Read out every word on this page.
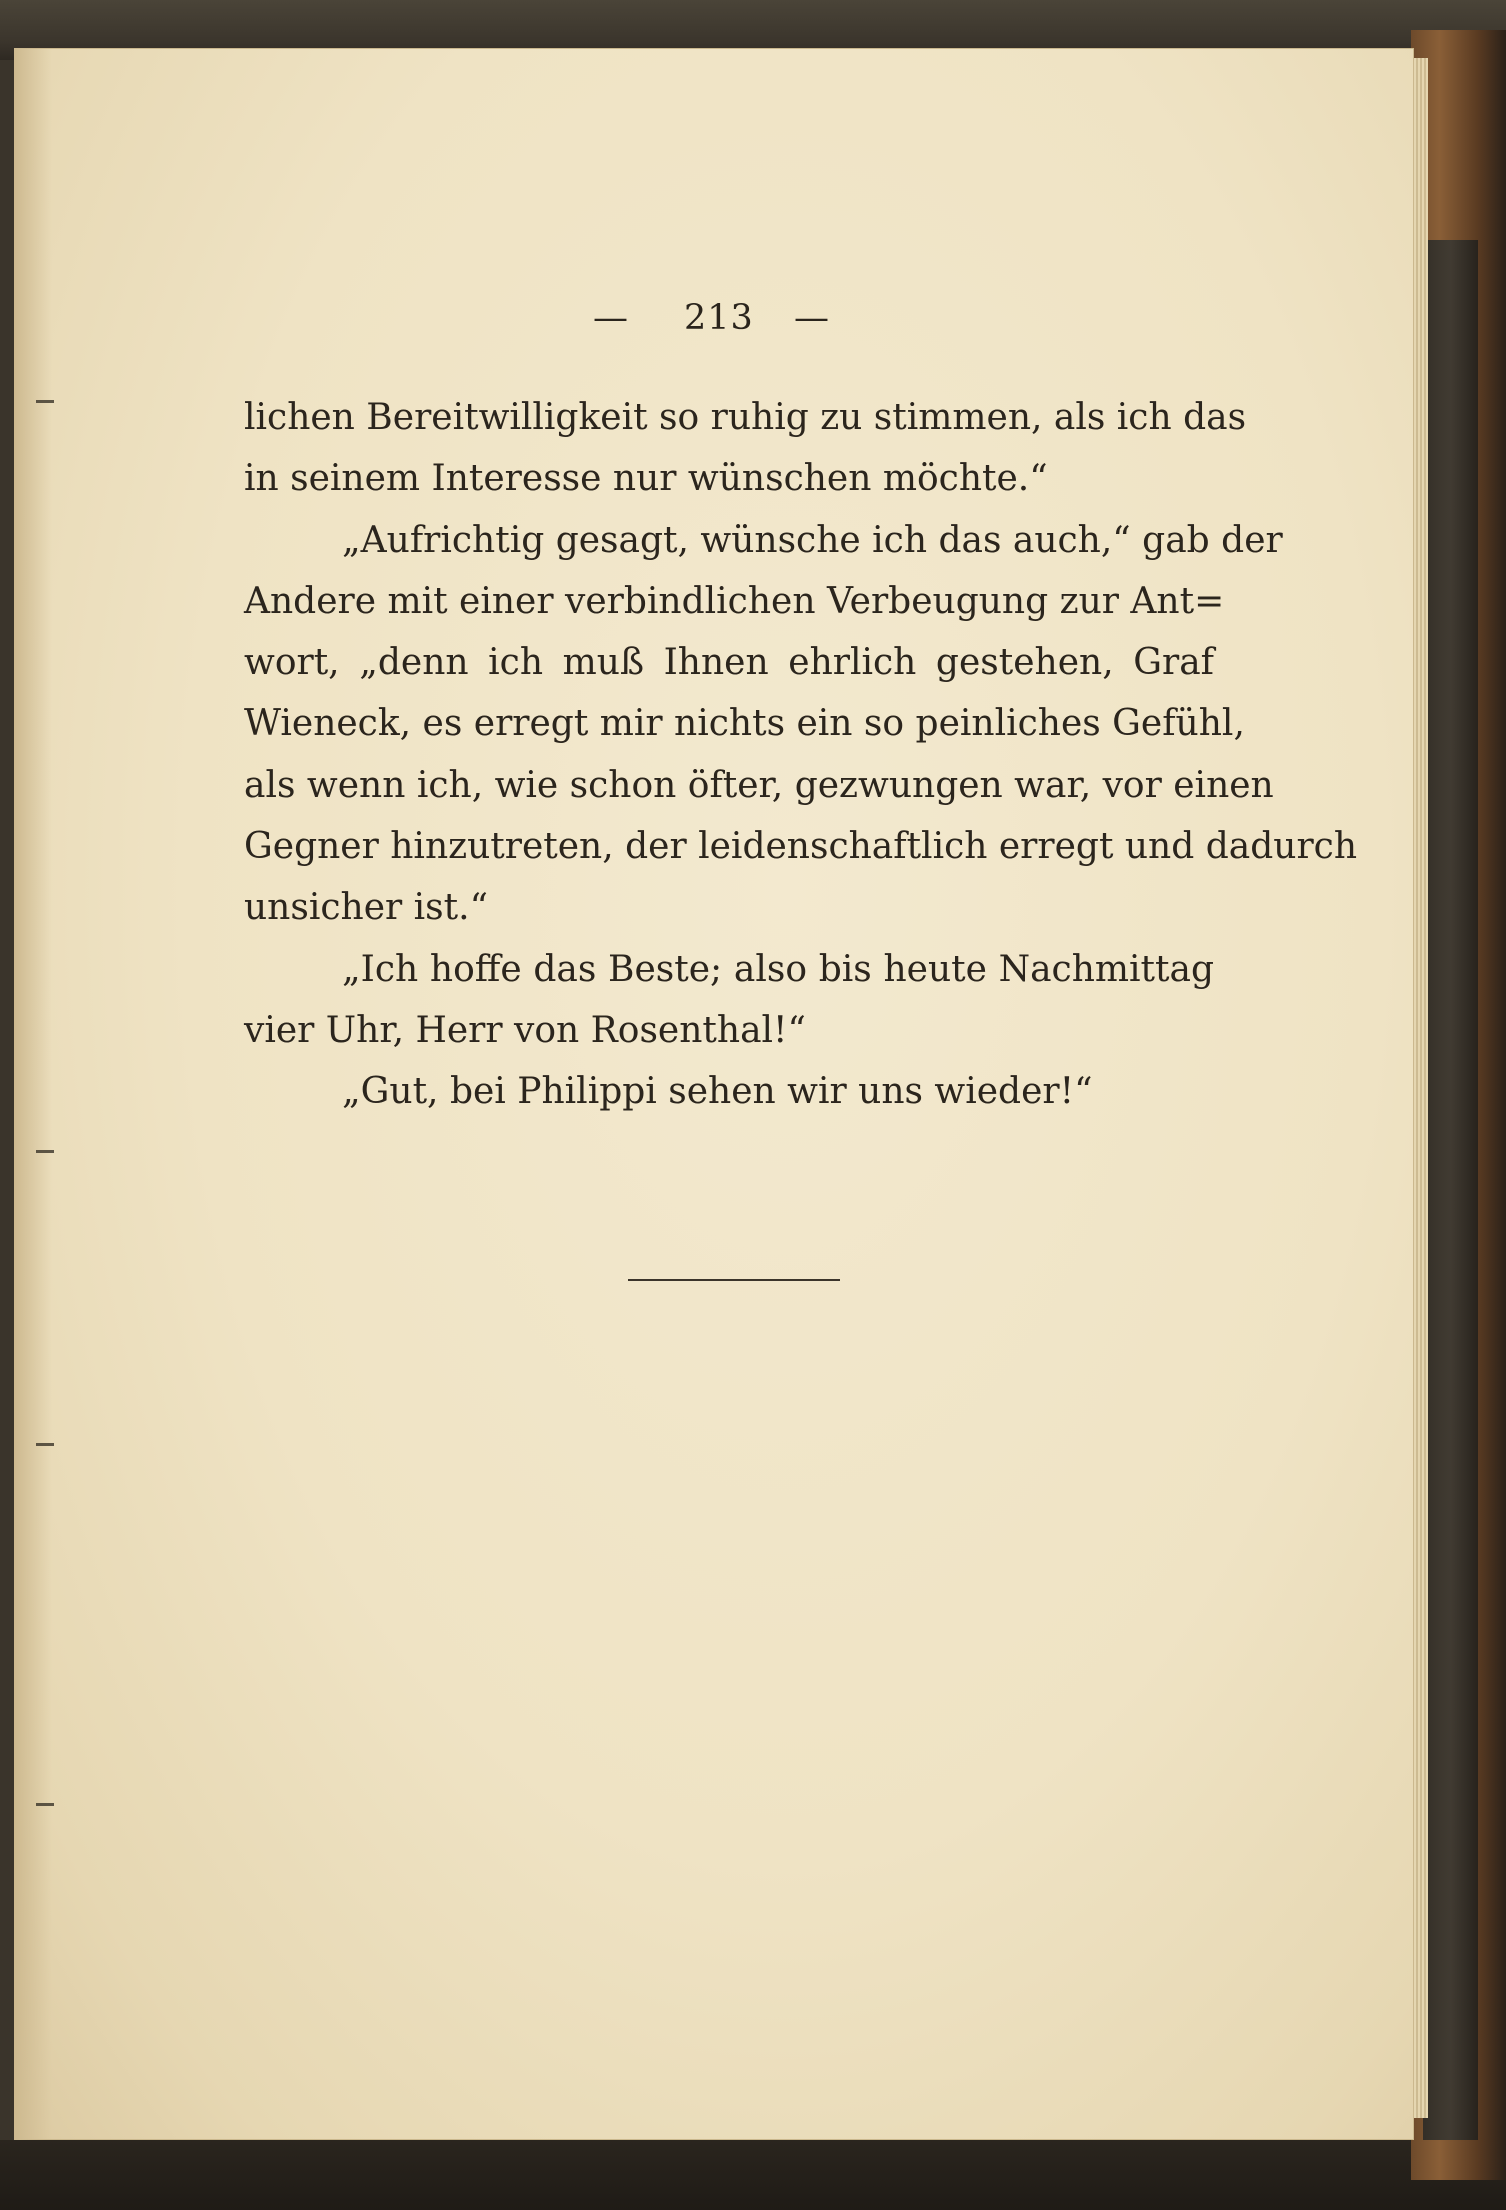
— 213 —
lichen Bereitwilligkeit so ruhig zu stimmen, als ich das
in seinem Interesse nur wünschen möchte.“
„Aufrichtig gesagt, wünsche ich das auch,“ gab der
Andere mit einer verbindlichen Verbeugung zur Ant=
wort, „denn ich muß Ihnen ehrlich gestehen, Graf
Wieneck, es erregt mir nichts ein so peinliches Gefühl,
als wenn ich, wie schon öfter, gezwungen war, vor einen
Gegner hinzutreten, der leidenschaftlich erregt und dadurch
unsicher ist.“
„Ich hoffe das Beste; also bis heute Nachmittag
vier Uhr, Herr von Rosenthal!“
„Gut, bei Philippi sehen wir uns wieder!“
